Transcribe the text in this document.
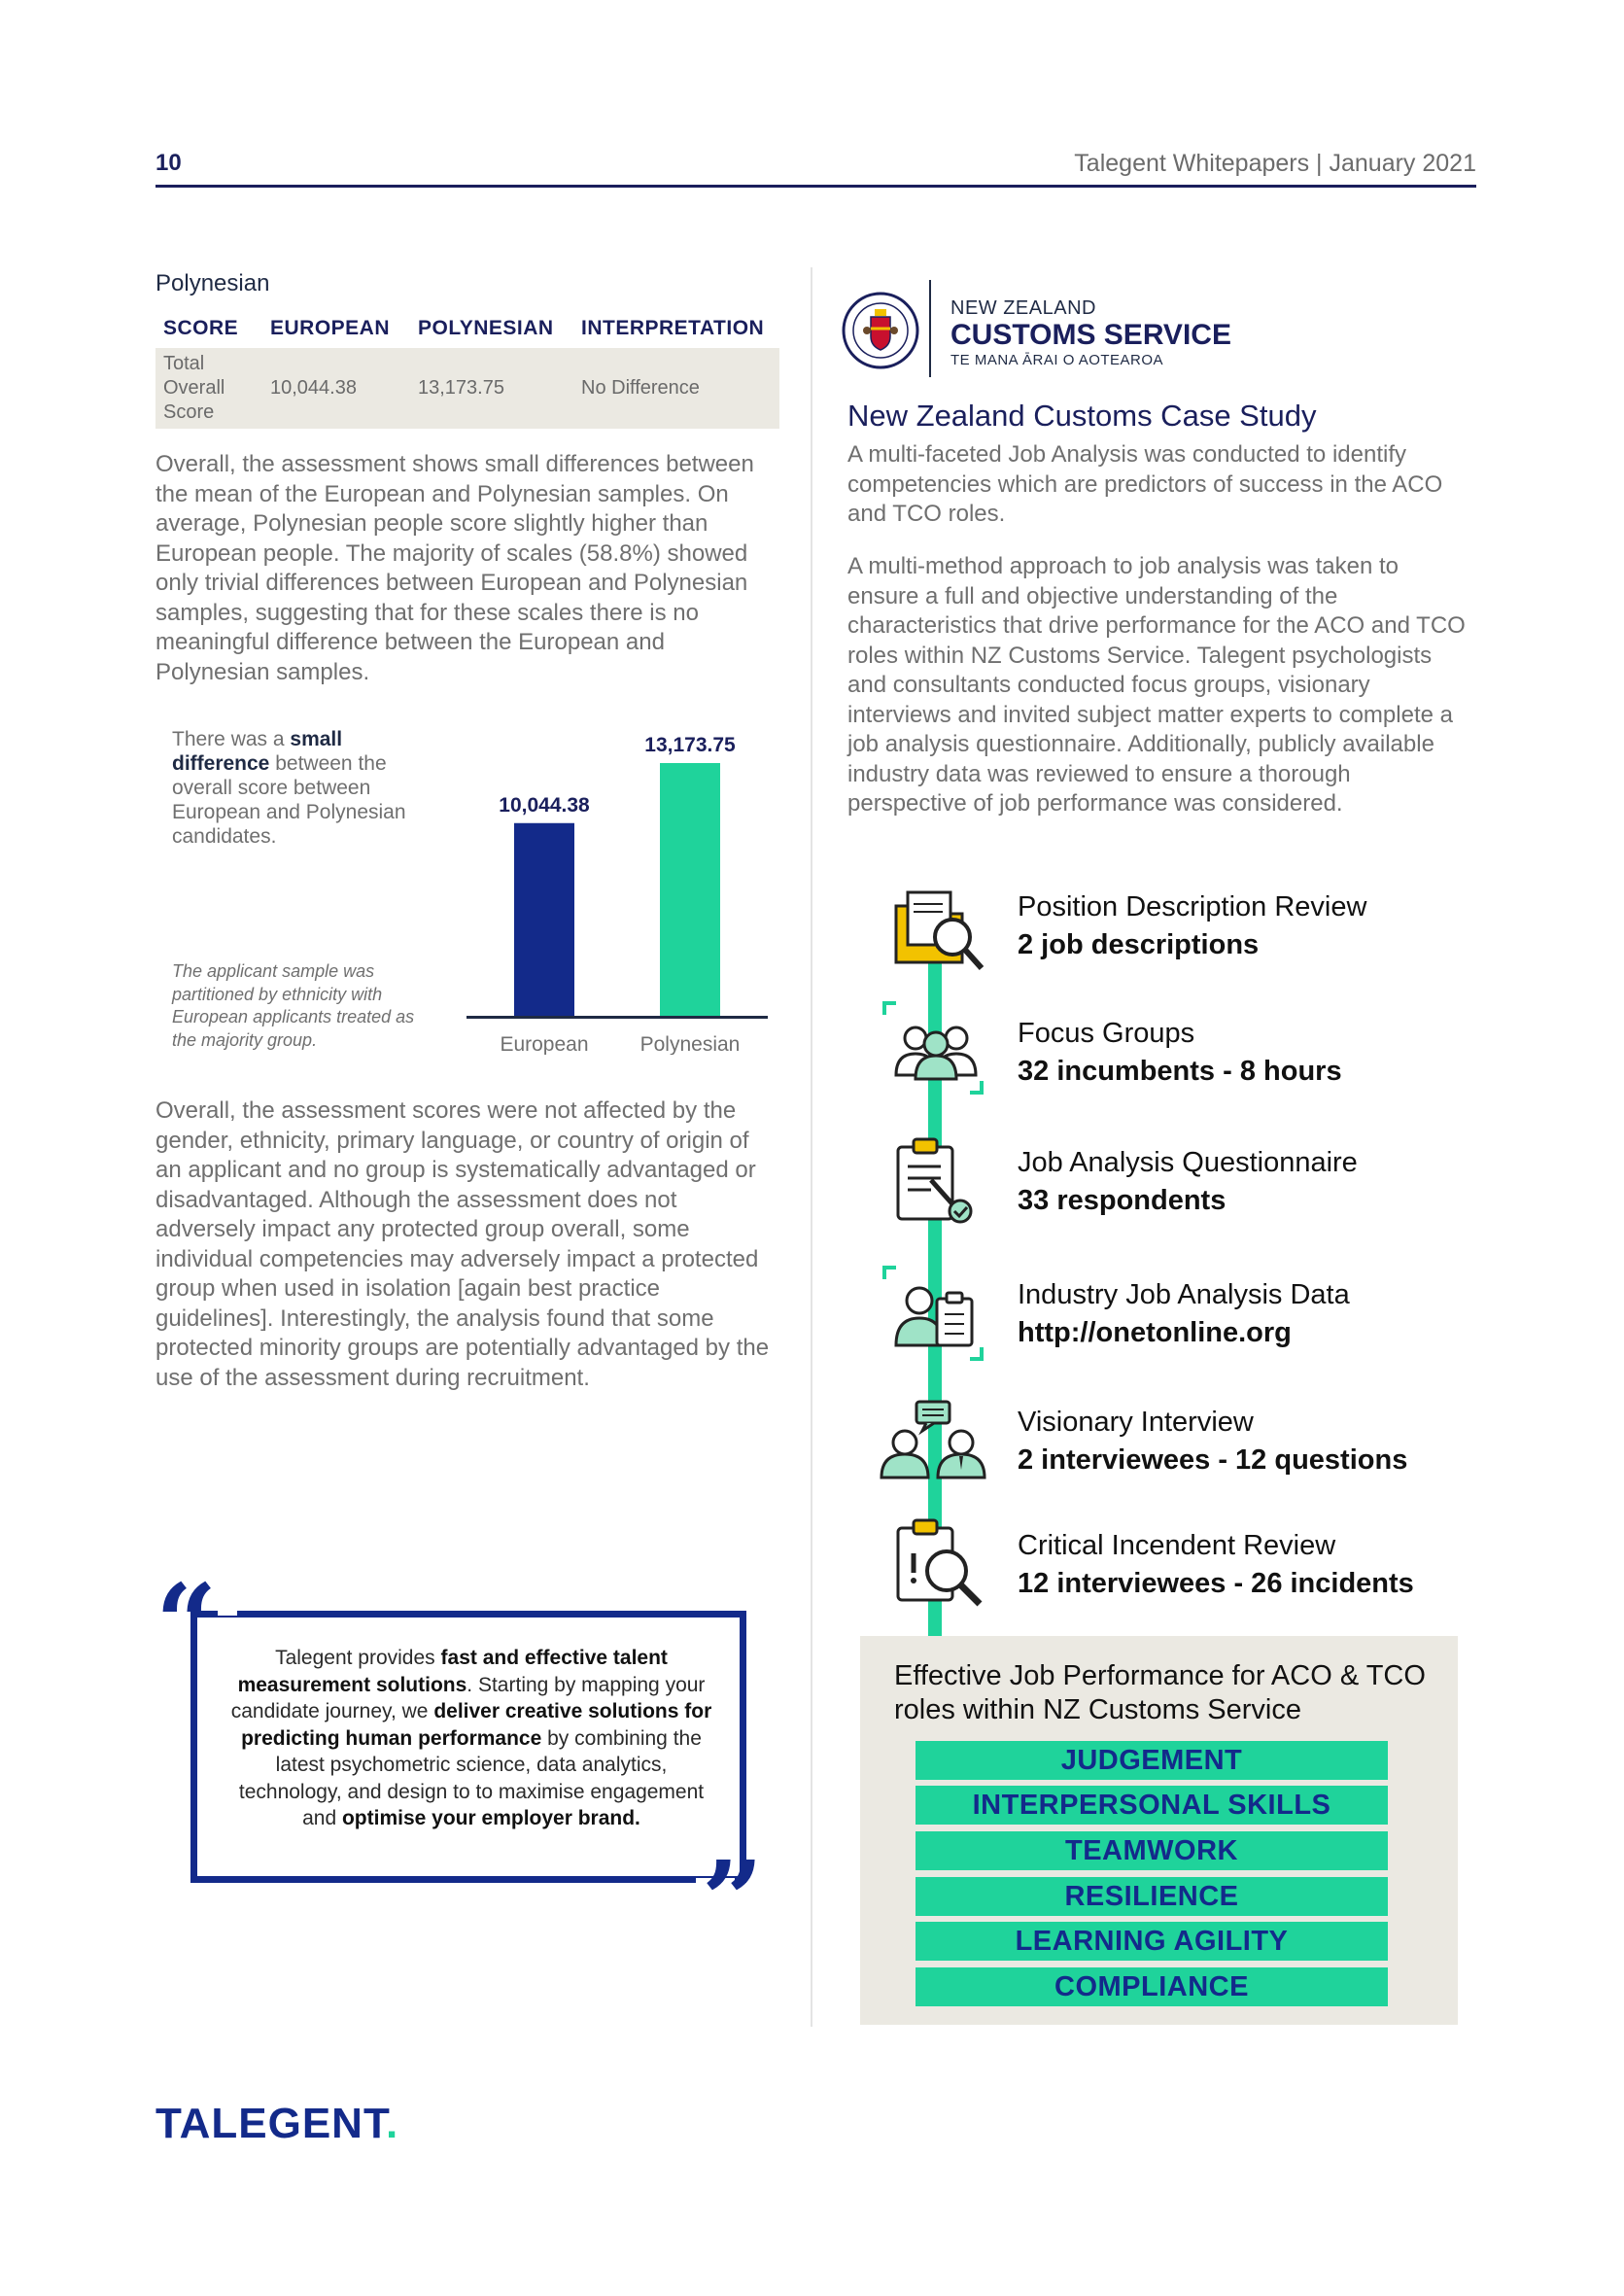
10	Talegent Whitepapers | January 2021
Polynesian
SCORE	EUROPEAN	POLYNESIAN	INTERPRETATION
Total
Overall
Score	10,044.38	13,173.75	No Difference
Overall, the assessment shows small differences between the mean of the European and Polynesian samples. On average, Polynesian people score slightly higher than European people. The majority of scales (58.8%) showed only trivial differences between European and Polynesian samples, suggesting that for these scales there is no meaningful difference between the European and Polynesian samples.
There was a small difference between the overall score between European and Polynesian candidates.
The applicant sample was partitioned by ethnicity with European applicants treated as the majority group.
10,044.38
European
13,173.75
Polynesian
Overall, the assessment scores were not affected by the gender, ethnicity, primary language, or country of origin of an applicant and no group is systematically advantaged or disadvantaged. Although the assessment does not adversely impact any protected group overall, some individual competencies may adversely impact a protected group when used in isolation [again best practice guidelines]. Interestingly, the analysis found that some protected minority groups are potentially advantaged by the use of the assessment during recruitment.
“
”
Talegent provides fast and effective talent measurement solutions. Starting by mapping your candidate journey, we deliver creative solutions for predicting human performance by combining the latest psychometric science, data analytics, technology, and design to to maximise engagement and optimise your employer brand.
TALEGENT.
NEW ZEALAND
CUSTOMS SERVICE
TE MANA ĀRAI O AOTEAROA
New Zealand Customs Case Study
A multi-faceted Job Analysis was conducted to identify competencies which are predictors of success in the ACO and TCO roles.
A multi-method approach to job analysis was taken to ensure a full and objective understanding of the characteristics that drive performance for the ACO and TCO roles within NZ Customs Service. Talegent psychologists and consultants conducted focus groups, visionary interviews and invited subject matter experts to complete a job analysis questionnaire. Additionally, publicly available industry data was reviewed to ensure a thorough perspective of job performance was considered.
Position Description Review
2 job descriptions
Focus Groups
32 incumbents - 8 hours
Job Analysis Questionnaire
33 respondents
Industry Job Analysis Data
http://onetonline.org
Visionary Interview
2 interviewees - 12 questions
Critical Incendent Review
12 interviewees - 26 incidents
Effective Job Performance for ACO & TCO roles within NZ Customs Service
JUDGEMENT
INTERPERSONAL SKILLS
TEAMWORK
RESILIENCE
LEARNING AGILITY
COMPLIANCE
